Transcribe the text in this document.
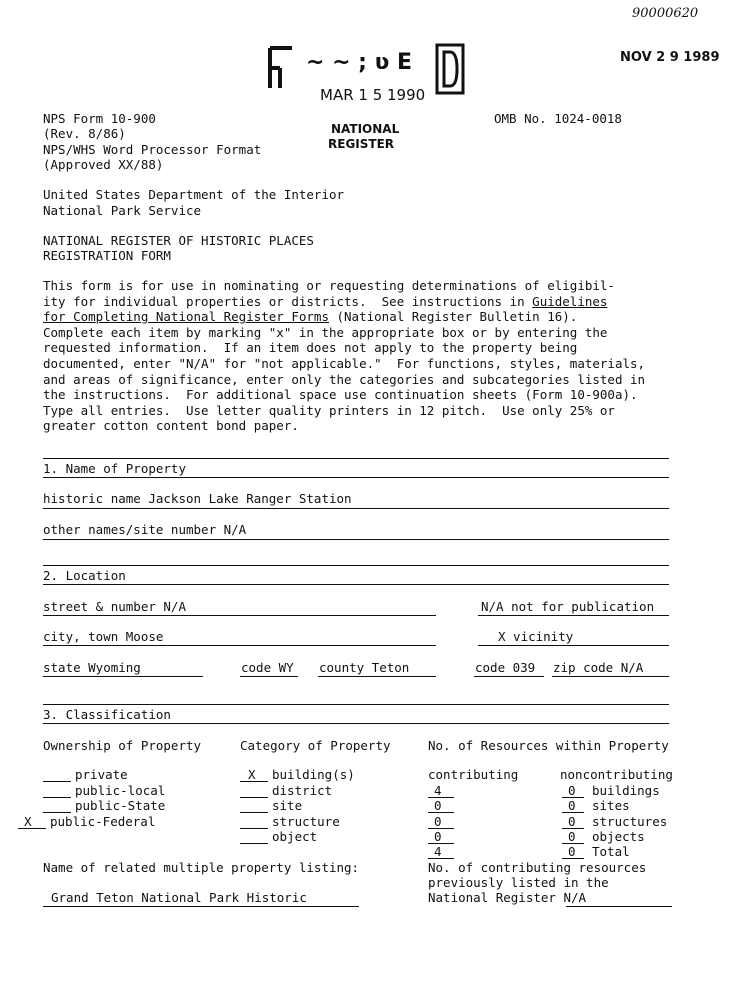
90000620
~ ~ ; ʋ E
MAR 1 5 1990
NATIONAL
REGISTER
NOV 2 9 1989
NPS Form 10-900
(Rev. 8/86)
NPS/WHS Word Processor Format
(Approved XX/88)
OMB No. 1024-0018
United States Department of the Interior
National Park Service
NATIONAL REGISTER OF HISTORIC PLACES
REGISTRATION FORM
This form is for use in nominating or requesting determinations of eligibil-
ity for individual properties or districts.  See instructions in Guidelines
for Completing National Register Forms (National Register Bulletin 16).
Complete each item by marking "x" in the appropriate box or by entering the
requested information.  If an item does not apply to the property being
documented, enter "N/A" for "not applicable."  For functions, styles, materials,
and areas of significance, enter only the categories and subcategories listed in
the instructions.  For additional space use continuation sheets (Form 10-900a).
Type all entries.  Use letter quality printers in 12 pitch.  Use only 25% or
greater cotton content bond paper.
1. Name of Property
historic name Jackson Lake Ranger Station
other names/site number N/A
2. Location
street & number N/A	N/A not for publication
city, town Moose	X vicinity
state Wyoming	code WY county Teton	code 039 zip code N/A
3. Classification
Ownership of Property	Category of Property	No. of Resources within Property
private
public-local
public-State
X public-Federal
X building(s)
district
site
structure
object
contributing	noncontributing
4	0 buildings
0	0 sites
0	0 structures
0	0 objects
4	0 Total
Name of related multiple property listing:
Grand Teton National Park Historic
No. of contributing resources
previously listed in the
National Register N/A
